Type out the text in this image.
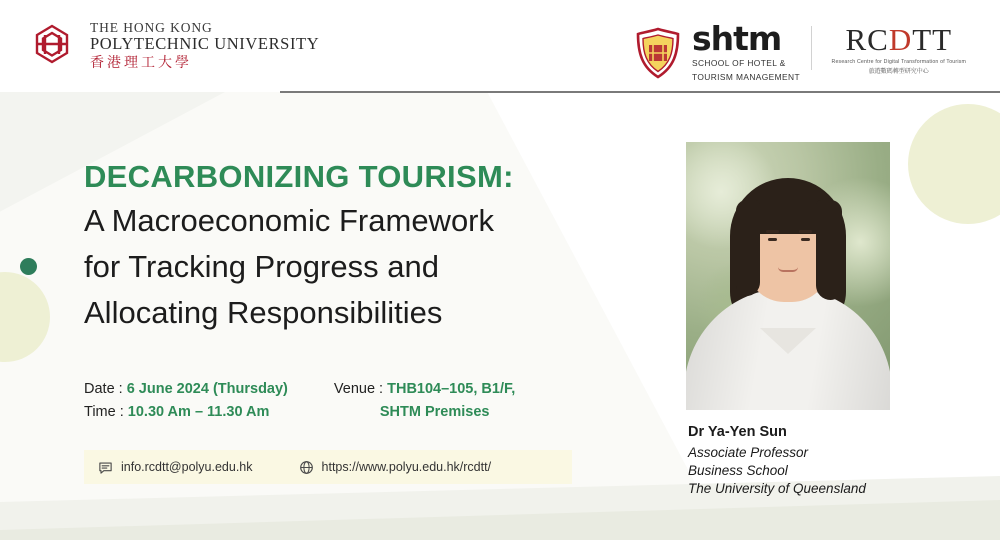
THE HONG KONG
POLYTECHNIC UNIVERSITY
香港理工大學
shtm
SCHOOL OF HOTEL &
TOURISM MANAGEMENT
RCDTT
Research Centre for Digital Transformation of Tourism
旅遊數碼轉型研究中心
DECARBONIZING TOURISM:
A Macroeconomic Framework
for Tracking Progress and
Allocating Responsibilities
Date : 6 June 2024 (Thursday)
Time : 10.30 Am – 11.30 Am
Venue : THB104–105, B1/F,
SHTM Premises
info.rcdtt@polyu.edu.hk	https://www.polyu.edu.hk/rcdtt/
Dr Ya-Yen Sun
Associate Professor
Business School
The University of Queensland
